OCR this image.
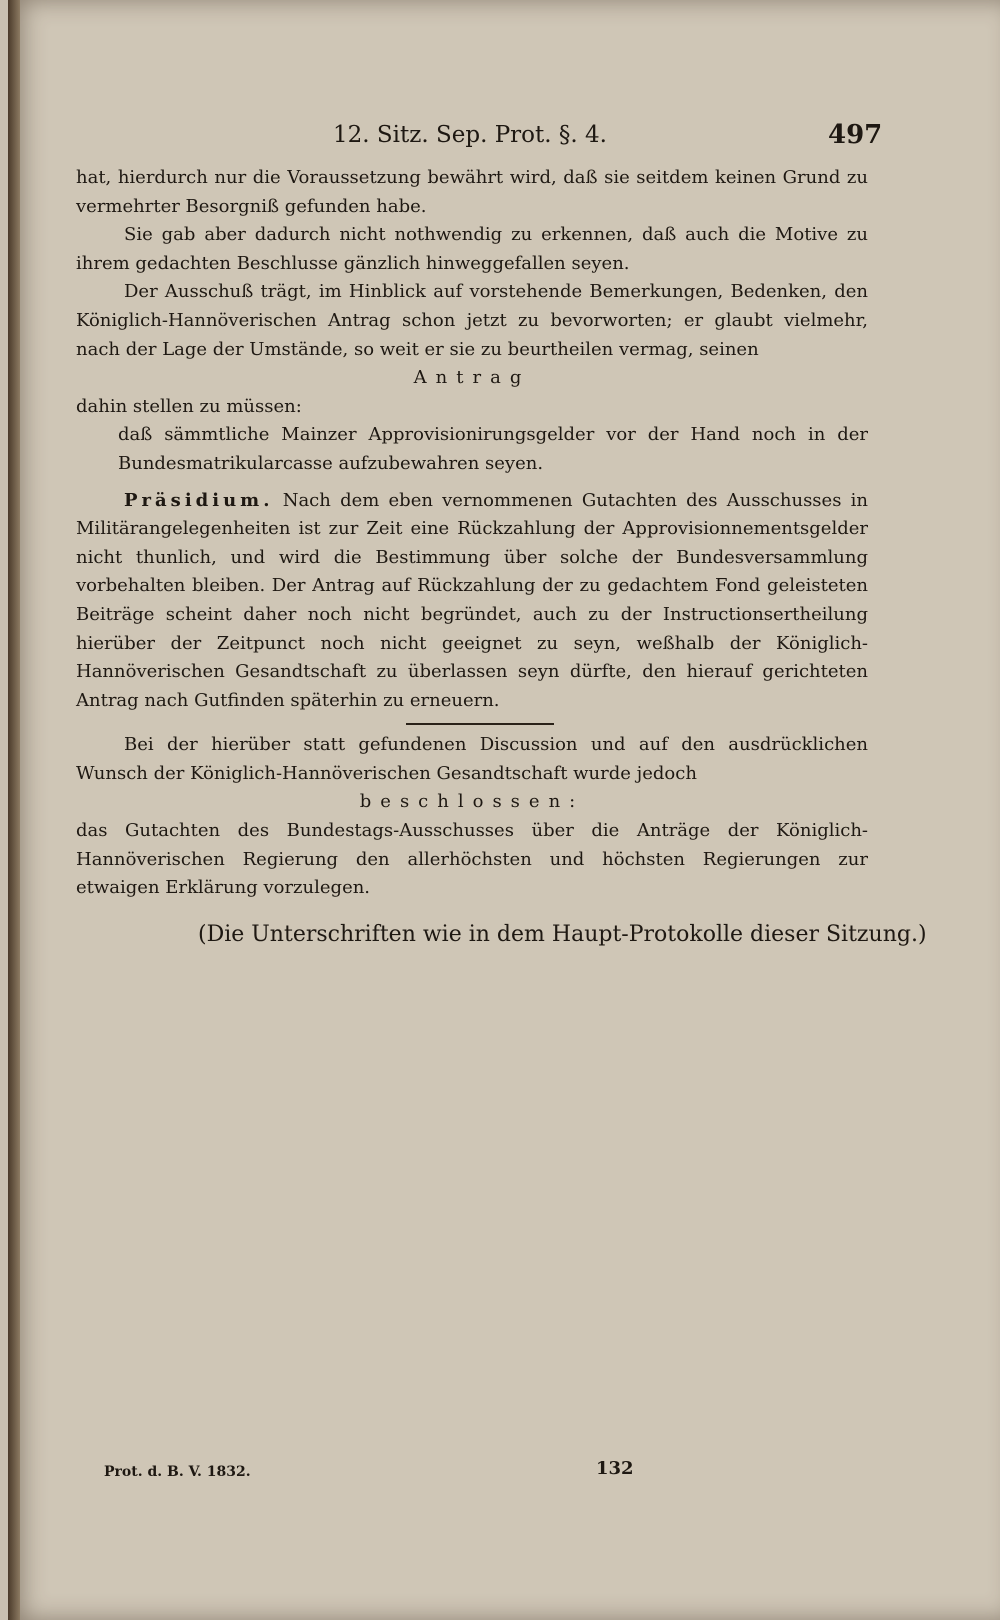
12. Sitz. Sep. Prot. §. 4.	497

hat, hierdurch nur die Voraussetzung bewährt wird, daß sie seitdem keinen Grund zu vermehrter Besorgniß gefunden habe.

Sie gab aber dadurch nicht nothwendig zu erkennen, daß auch die Motive zu ihrem gedachten Beschlusse gänzlich hinweggefallen seyen.

Der Ausschuß trägt, im Hinblick auf vorstehende Bemerkungen, Bedenken, den Königlich-Hannöverischen Antrag schon jetzt zu bevorworten; er glaubt vielmehr, nach der Lage der Umstände, so weit er sie zu beurtheilen vermag, seinen

Antrag

dahin stellen zu müssen:

daß sämmtliche Mainzer Approvisionirungsgelder vor der Hand noch in der Bundesmatrikularcasse aufzubewahren seyen.

Präsidium. Nach dem eben vernommenen Gutachten des Ausschusses in Militärangelegenheiten ist zur Zeit eine Rückzahlung der Approvisionnementsgelder nicht thunlich, und wird die Bestimmung über solche der Bundesversammlung vorbehalten bleiben. Der Antrag auf Rückzahlung der zu gedachtem Fond geleisteten Beiträge scheint daher noch nicht begründet, auch zu der Instructionsertheilung hierüber der Zeitpunct noch nicht geeignet zu seyn, weßhalb der Königlich-Hannöverischen Gesandtschaft zu überlassen seyn dürfte, den hierauf gerichteten Antrag nach Gutfinden späterhin zu erneuern.

Bei der hierüber statt gefundenen Discussion und auf den ausdrücklichen Wunsch der Königlich-Hannöverischen Gesandtschaft wurde jedoch

beschlossen:

das Gutachten des Bundestags-Ausschusses über die Anträge der Königlich-Hannöverischen Regierung den allerhöchsten und höchsten Regierungen zur etwaigen Erklärung vorzulegen.

(Die Unterschriften wie in dem Haupt-Protokolle dieser Sitzung.)
Prot. d. B. V. 1832.	132
